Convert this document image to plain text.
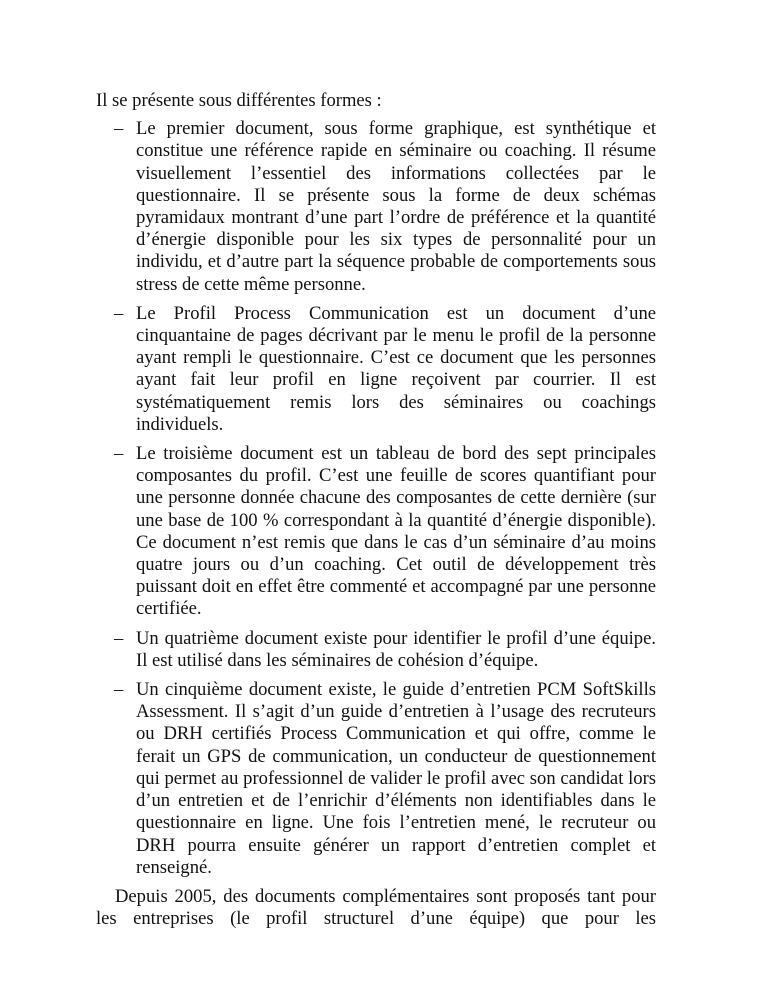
Il se présente sous différentes formes :

– Le premier document, sous forme graphique, est synthétique et constitue une référence rapide en séminaire ou coaching. Il résume visuellement l’essentiel des informations collectées par le questionnaire. Il se présente sous la forme de deux schémas pyramidaux montrant d’une part l’ordre de préférence et la quantité d’énergie disponible pour les six types de personnalité pour un individu, et d’autre part la séquence probable de comportements sous stress de cette même personne.
– Le Profil Process Communication est un document d’une cinquantaine de pages décrivant par le menu le profil de la personne ayant rempli le questionnaire. C’est ce document que les personnes ayant fait leur profil en ligne reçoivent par courrier. Il est systématiquement remis lors des séminaires ou coachings individuels.
– Le troisième document est un tableau de bord des sept principales composantes du profil. C’est une feuille de scores quantifiant pour une personne donnée chacune des composantes de cette dernière (sur une base de 100 % correspondant à la quantité d’énergie disponible). Ce document n’est remis que dans le cas d’un séminaire d’au moins quatre jours ou d’un coaching. Cet outil de développement très puissant doit en effet être commenté et accompagné par une personne certifiée.
– Un quatrième document existe pour identifier le profil d’une équipe. Il est utilisé dans les séminaires de cohésion d’équipe.
– Un cinquième document existe, le guide d’entretien PCM SoftSkills Assessment. Il s’agit d’un guide d’entretien à l’usage des recruteurs ou DRH certifiés Process Communication et qui offre, comme le ferait un GPS de communication, un conducteur de questionnement qui permet au professionnel de valider le profil avec son candidat lors d’un entretien et de l’enrichir d’éléments non identifiables dans le questionnaire en ligne. Une fois l’entretien mené, le recruteur ou DRH pourra ensuite générer un rapport d’entretien complet et renseigné.

Depuis 2005, des documents complémentaires sont proposés tant pour les entreprises (le profil structurel d’une équipe) que pour les
